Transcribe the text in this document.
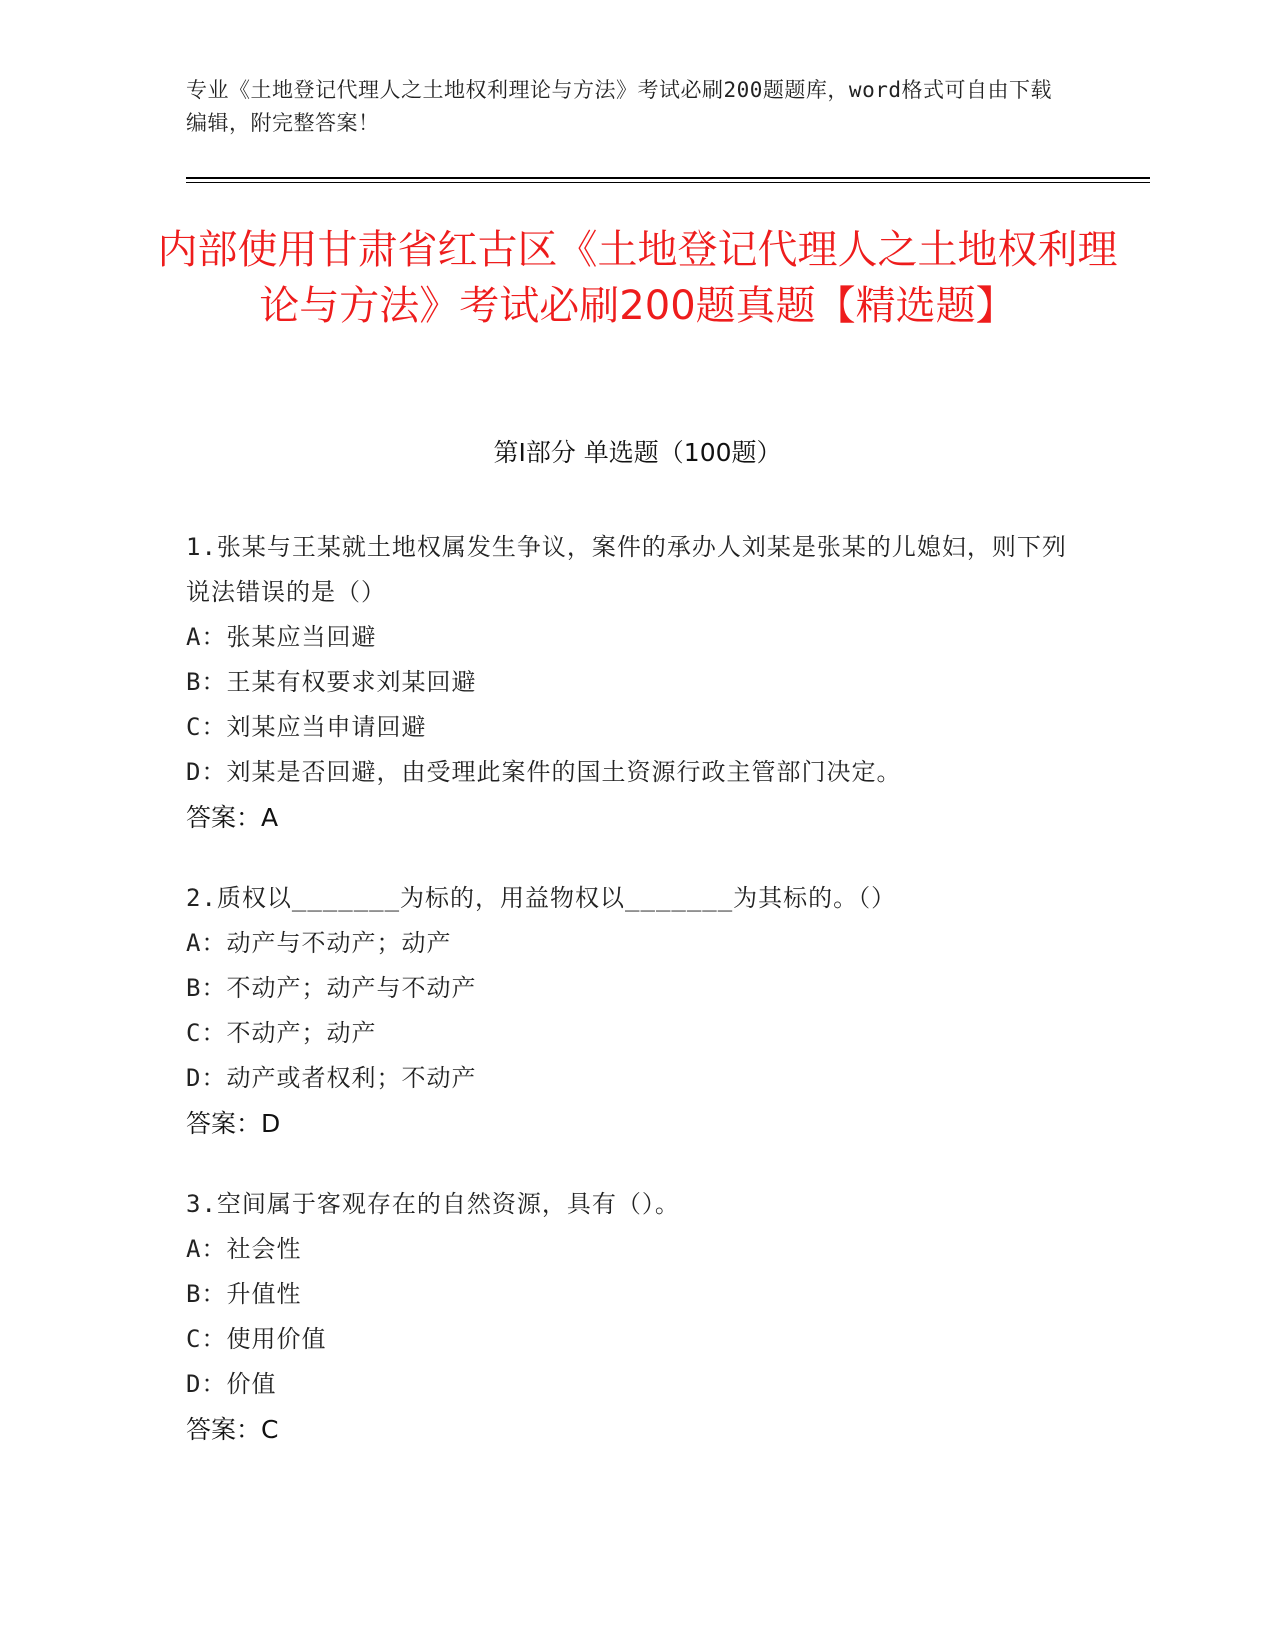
专业《土地登记代理人之土地权利理论与方法》考试必刷200题题库，word格式可自由下载编辑，附完整答案！
内部使用甘肃省红古区《土地登记代理人之土地权利理论与方法》考试必刷200题真题【精选题】
第Ⅰ部分 单选题（100题）
1.张某与王某就土地权属发生争议，案件的承办人刘某是张某的儿媳妇，则下列说法错误的是（）
A：张某应当回避
B：王某有权要求刘某回避
C：刘某应当申请回避
D：刘某是否回避，由受理此案件的国土资源行政主管部门决定。
答案：A
2.质权以_______为标的，用益物权以_______为其标的。（）
A：动产与不动产；动产
B：不动产；动产与不动产
C：不动产；动产
D：动产或者权利；不动产
答案：D
3.空间属于客观存在的自然资源，具有（）。
A：社会性
B：升值性
C：使用价值
D：价值
答案：C
